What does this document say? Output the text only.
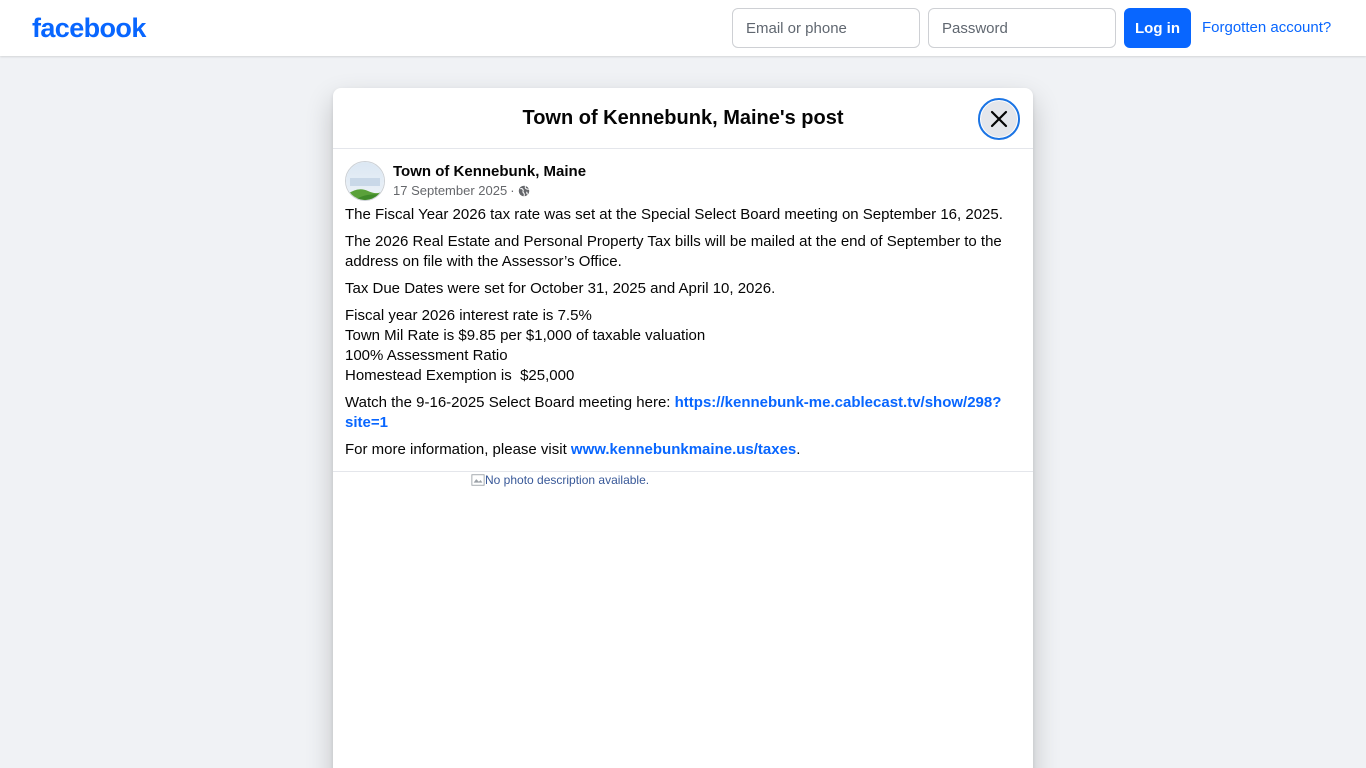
facebook
Email or phone	Log in	Forgotten account?
Town of Kennebunk, Maine's post
Town of Kennebunk, Maine
17 September 2025 ·

The Fiscal Year 2026 tax rate was set at the Special Select Board meeting on September 16, 2025.

The 2026 Real Estate and Personal Property Tax bills will be mailed at the end of September to the address on file with the Assessor’s Office.

Tax Due Dates were set for October 31, 2025 and April 10, 2026.

Fiscal year 2026 interest rate is 7.5%
Town Mil Rate is $9.85 per $1,000 of taxable valuation
100% Assessment Ratio
Homestead Exemption is  $25,000

Watch the 9-16-2025 Select Board meeting here: https://kennebunk-me.cablecast.tv/show/298?site=1

For more information, please visit www.kennebunkmaine.us/taxes.

No photo description available.
